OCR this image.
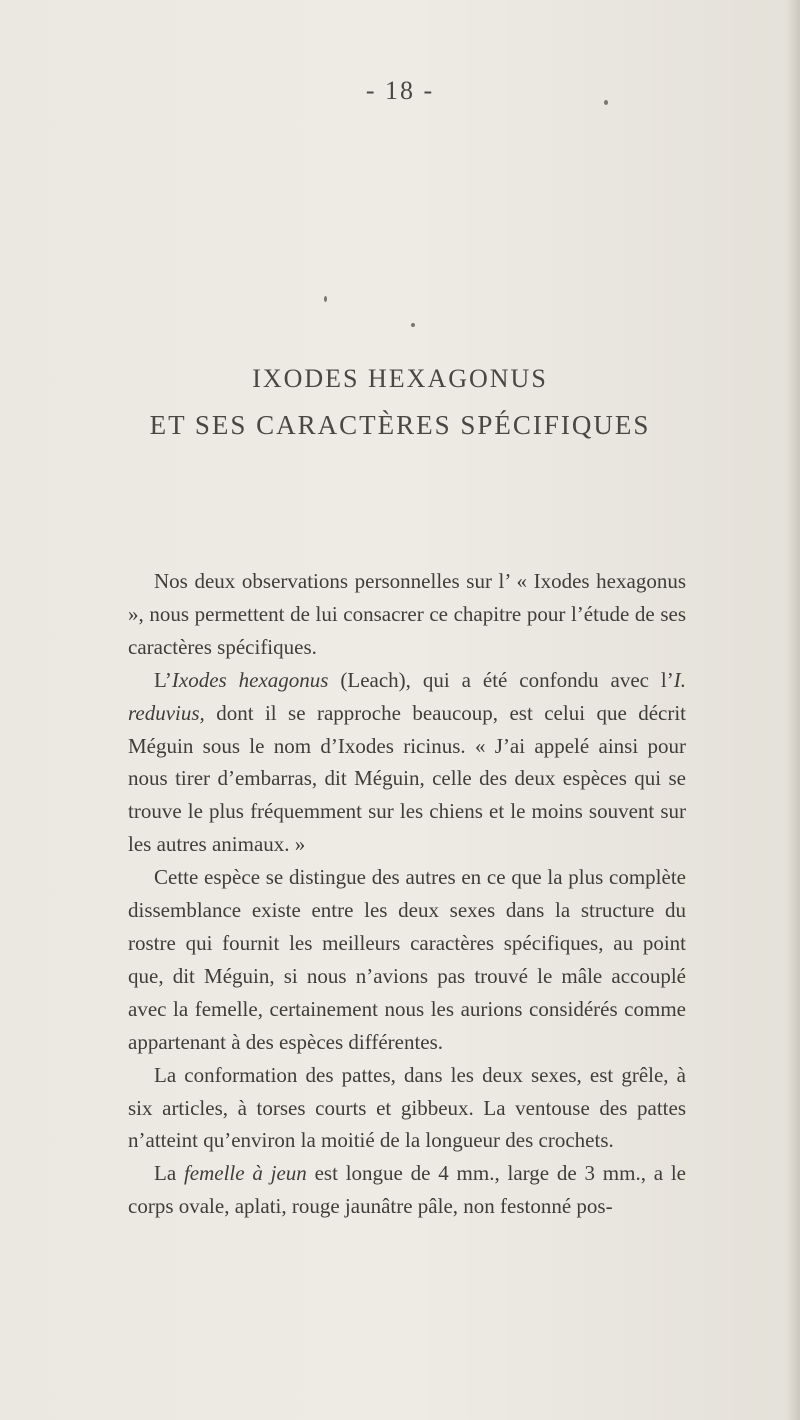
- 18 -
IXODES HEXAGONUS
ET SES CARACTÈRES SPÉCIFIQUES

Nos deux observations personnelles sur l’ « Ixodes hexagonus », nous permettent de lui consacrer ce chapitre pour l’étude de ses caractères spécifiques.

L’Ixodes hexagonus (Leach), qui a été confondu avec l’I. reduvius, dont il se rapproche beaucoup, est celui que décrit Méguin sous le nom d’Ixodes ricinus. « J’ai appelé ainsi pour nous tirer d’embarras, dit Méguin, celle des deux espèces qui se trouve le plus fréquemment sur les chiens et le moins souvent sur les autres animaux. »

Cette espèce se distingue des autres en ce que la plus complète dissemblance existe entre les deux sexes dans la structure du rostre qui fournit les meilleurs caractères spécifiques, au point que, dit Méguin, si nous n’avions pas trouvé le mâle accouplé avec la femelle, certainement nous les aurions considérés comme appartenant à des espèces différentes.

La conformation des pattes, dans les deux sexes, est grêle, à six articles, à torses courts et gibbeux. La ventouse des pattes n’atteint qu’environ la moitié de la longueur des crochets.

La femelle à jeun est longue de 4 mm., large de 3 mm., a le corps ovale, aplati, rouge jaunâtre pâle, non festonné pos-
